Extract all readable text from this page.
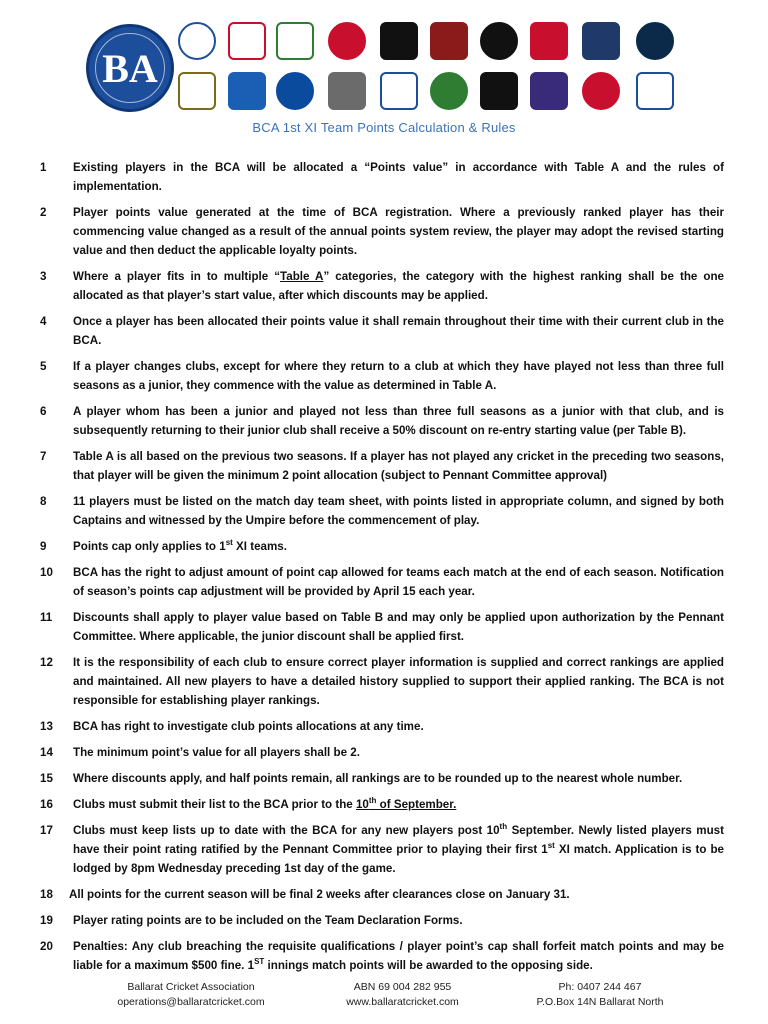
BA
BCA 1st XI Team Points Calculation & Rules
1	Existing players in the BCA will be allocated a “Points value” in accordance with Table A and the rules of implementation.
2	Player points value generated at the time of BCA registration. Where a previously ranked player has their commencing value changed as a result of the annual points system review, the player may adopt the revised starting value and then deduct the applicable loyalty points.
3	Where a player fits in to multiple “Table A” categories, the category with the highest ranking shall be the one allocated as that player’s start value, after which discounts may be applied.
4	Once a player has been allocated their points value it shall remain throughout their time with their current club in the BCA.
5	If a player changes clubs, except for where they return to a club at which they have played not less than three full seasons as a junior, they commence with the value as determined in Table A.
6	A player whom has been a junior and played not less than three full seasons as a junior with that club, and is subsequently returning to their junior club shall receive a 50% discount on re-entry starting value (per Table B).
7	Table A is all based on the previous two seasons. If a player has not played any cricket in the preceding two seasons, that player will be given the minimum 2 point allocation (subject to Pennant Committee approval)
8	11 players must be listed on the match day team sheet, with points listed in appropriate column, and signed by both Captains and witnessed by the Umpire before the commencement of play.
9	Points cap only applies to 1st XI teams.
10	BCA has the right to adjust amount of point cap allowed for teams each match at the end of each season. Notification of season’s points cap adjustment will be provided by April 15 each year.
11	Discounts shall apply to player value based on Table B and may only be applied upon authorization by the Pennant Committee. Where applicable, the junior discount shall be applied first.
12	It is the responsibility of each club to ensure correct player information is supplied and correct rankings are applied and maintained. All new players to have a detailed history supplied to support their applied ranking. The BCA is not responsible for establishing player rankings.
13	BCA has right to investigate club points allocations at any time.
14	The minimum point’s value for all players shall be 2.
15	Where discounts apply, and half points remain, all rankings are to be rounded up to the nearest whole number.
16	Clubs must submit their list to the BCA prior to the 10th of September.
17	Clubs must keep lists up to date with the BCA for any new players post 10th September. Newly listed players must have their point rating ratified by the Pennant Committee prior to playing their first 1st XI match. Application is to be lodged by 8pm Wednesday preceding 1st day of the game.
18	All points for the current season will be final 2 weeks after clearances close on January 31.
19	Player rating points are to be included on the Team Declaration Forms.
20	Penalties: Any club breaching the requisite qualifications / player point’s cap shall forfeit match points and may be liable for a maximum $500 fine. 1ST innings match points will be awarded to the opposing side.
Ballarat Cricket Association
operations@ballaratcricket.com
ABN 69 004 282 955
www.ballaratcricket.com
Ph: 0407 244 467
P.O.Box 14N Ballarat North
